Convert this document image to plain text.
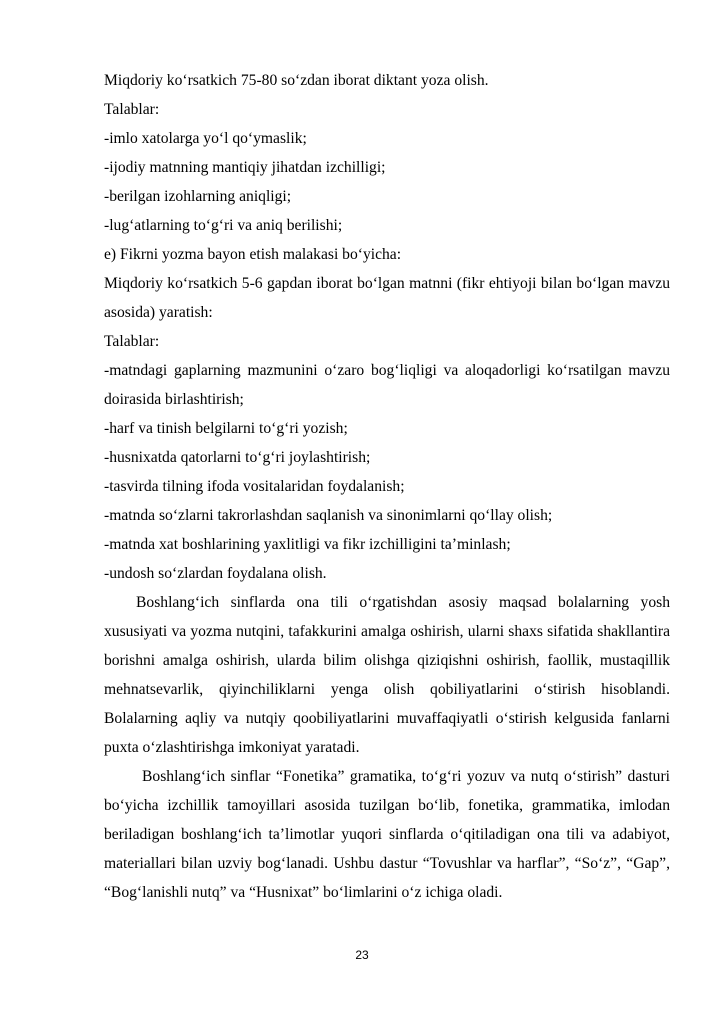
Miqdoriy ko‘rsatkich 75-80 so‘zdan iborat diktant yoza olish.

Talablar:

-imlo xatolarga yo‘l qo‘ymaslik;

-ijodiy matnning mantiqiy jihatdan izchilligi;

-berilgan izohlarning aniqligi;

-lug‘atlarning to‘g‘ri va aniq berilishi;

e) Fikrni yozma bayon etish malakasi bo‘yicha:

Miqdoriy ko‘rsatkich 5-6 gapdan iborat bo‘lgan matnni (fikr ehtiyoji bilan bo‘lgan mavzu asosida) yaratish:

Talablar:

-matndagi gaplarning mazmunini o‘zaro bog‘liqligi va aloqadorligi ko‘rsatilgan mavzu doirasida birlashtirish;

-harf va tinish belgilarni to‘g‘ri yozish;

-husnixatda qatorlarni to‘g‘ri joylashtirish;

-tasvirda tilning ifoda vositalaridan foydalanish;

-matnda so‘zlarni takrorlashdan saqlanish va sinonimlarni qo‘llay olish;

-matnda xat boshlarining yaxlitligi va fikr izchilligini ta’minlash;

-undosh so‘zlardan foydalana olish.

Boshlang‘ich sinflarda ona tili o‘rgatishdan asosiy maqsad bolalarning yosh xususiyati va yozma nutqini, tafakkurini amalga oshirish, ularni shaxs sifatida shakllantira borishni amalga oshirish, ularda bilim olishga qiziqishni oshirish, faollik, mustaqillik mehnatsevarlik, qiyinchiliklarni yenga olish qobiliyatlarini o‘stirish hisoblandi. Bolalarning aqliy va nutqiy qoobiliyatlarini muvaffaqiyatli o‘stirish kelgusida fanlarni puxta o‘zlashtirishga imkoniyat yaratadi.

Boshlang‘ich sinflar “Fonetika” gramatika, to‘g‘ri yozuv va nutq o‘stirish” dasturi bo‘yicha izchillik tamoyillari asosida tuzilgan bo‘lib, fonetika, grammatika, imlodan beriladigan boshlang‘ich ta’limotlar yuqori sinflarda o‘qitiladigan ona tili va adabiyot, materiallari bilan uzviy bog‘lanadi. Ushbu dastur “Tovushlar va harflar”, “So‘z”, “Gap”, “Bog‘lanishli nutq” va “Husnixat” bo‘limlarini o‘z ichiga oladi.

23
